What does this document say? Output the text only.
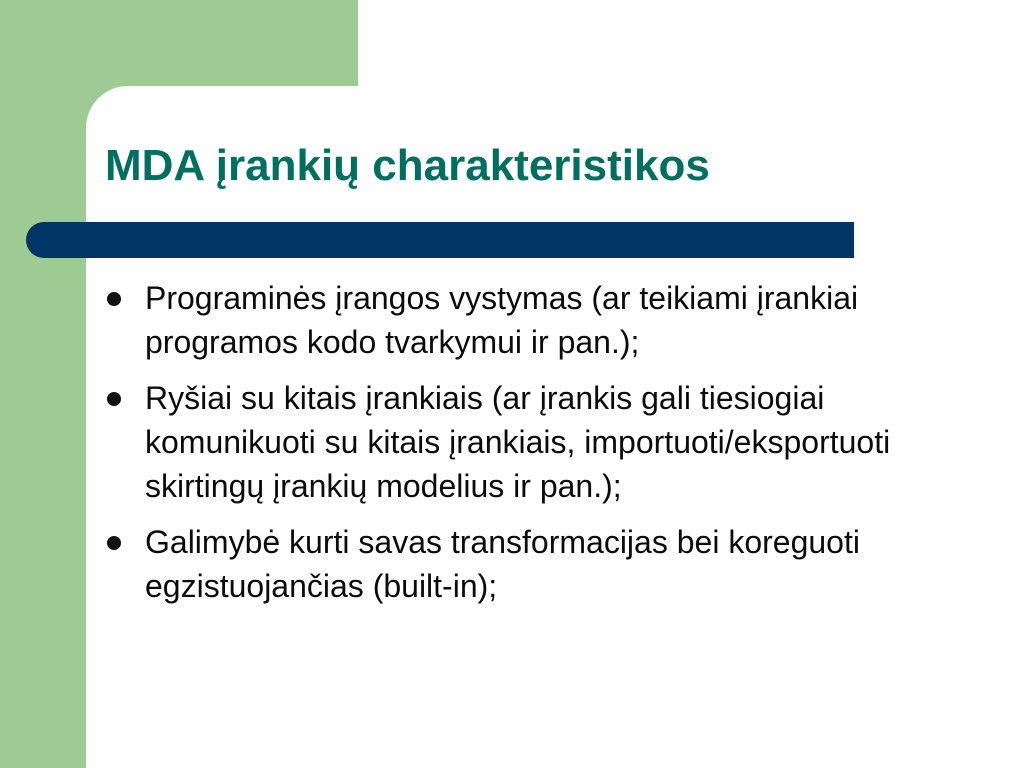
MDA įrankių charakteristikos
Programinės įrangos vystymas (ar teikiami įrankiai programos kodo tvarkymui ir pan.);
Ryšiai su kitais įrankiais (ar įrankis gali tiesiogiai komunikuoti su kitais įrankiais, importuoti/eksportuoti skirtingų įrankių modelius ir pan.);
Galimybė kurti savas transformacijas bei koreguoti egzistuojančias (built-in);
